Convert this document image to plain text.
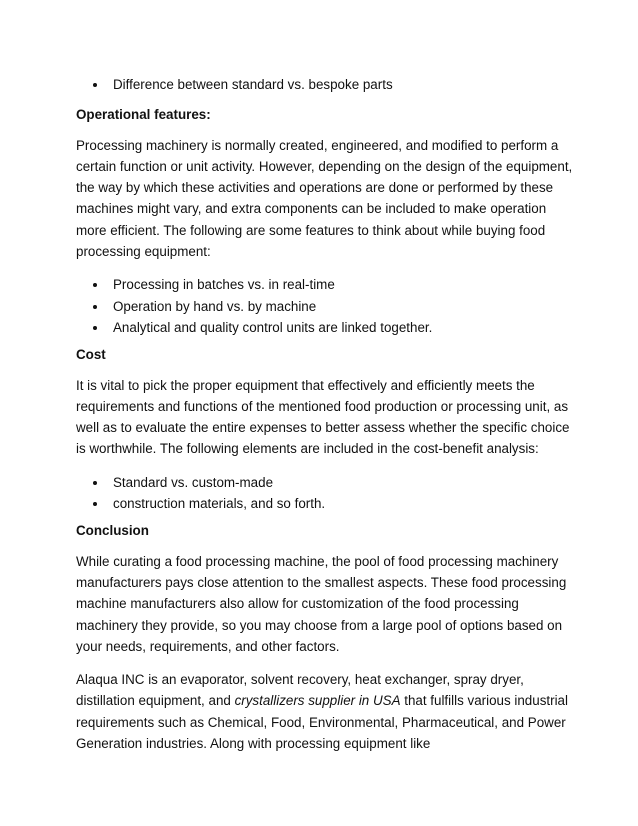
Difference between standard vs. bespoke parts

Operational features:

Processing machinery is normally created, engineered, and modified to perform a certain function or unit activity. However, depending on the design of the equipment, the way by which these activities and operations are done or performed by these machines might vary, and extra components can be included to make operation more efficient. The following are some features to think about while buying food processing equipment:

Processing in batches vs. in real-time
Operation by hand vs. by machine
Analytical and quality control units are linked together.

Cost

It is vital to pick the proper equipment that effectively and efficiently meets the requirements and functions of the mentioned food production or processing unit, as well as to evaluate the entire expenses to better assess whether the specific choice is worthwhile. The following elements are included in the cost-benefit analysis:

Standard vs. custom-made
construction materials, and so forth.

Conclusion

While curating a food processing machine, the pool of food processing machinery manufacturers pays close attention to the smallest aspects. These food processing machine manufacturers also allow for customization of the food processing machinery they provide, so you may choose from a large pool of options based on your needs, requirements, and other factors.

Alaqua INC is an evaporator, solvent recovery, heat exchanger, spray dryer, distillation equipment, and crystallizers supplier in USA that fulfills various industrial requirements such as Chemical, Food, Environmental, Pharmaceutical, and Power Generation industries. Along with processing equipment like
